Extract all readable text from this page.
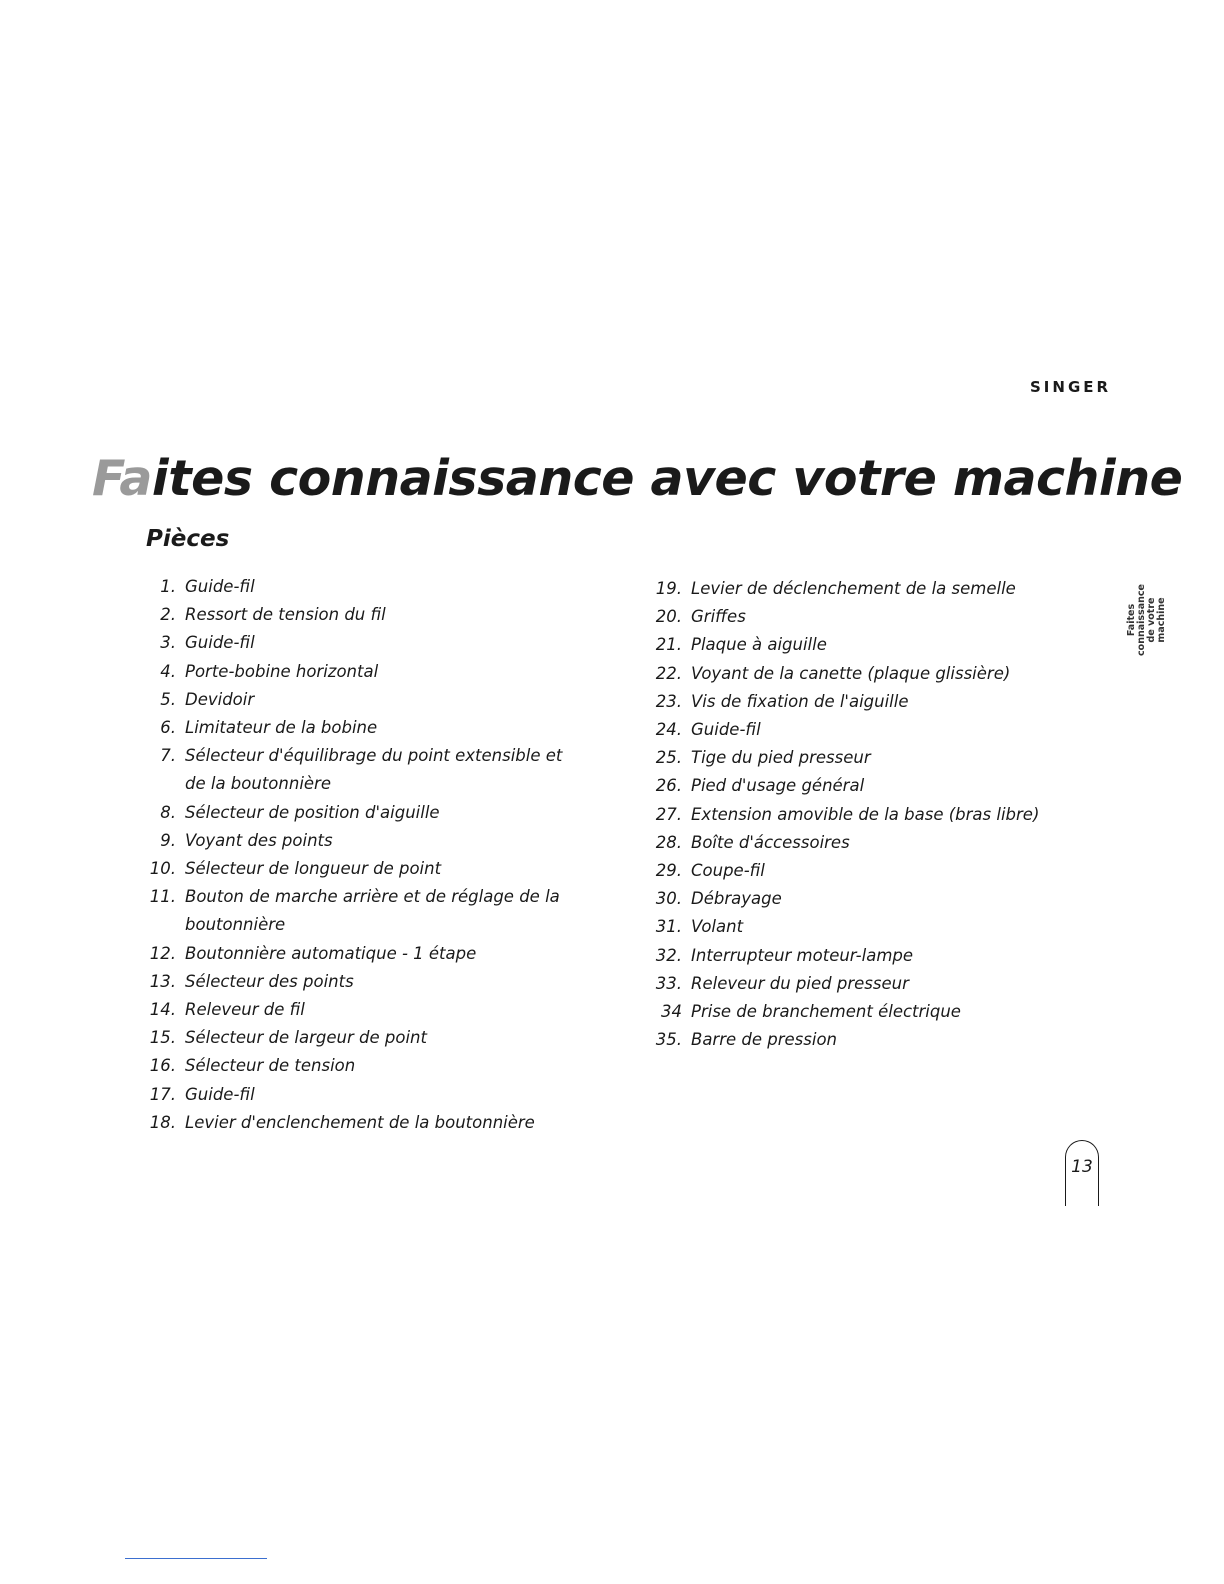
SINGER
Faites connaissance avec votre machine
Pièces
1. Guide-fil
2. Ressort de tension du fil
3. Guide-fil
4. Porte-bobine horizontal
5. Devidoir
6. Limitateur de la bobine
7. Sélecteur d'équilibrage du point extensible et
de la boutonnière
8. Sélecteur de position d'aiguille
9. Voyant des points
10. Sélecteur de longueur de point
11. Bouton de marche arrière et de réglage de la
boutonnière
12. Boutonnière automatique - 1 étape
13. Sélecteur des points
14. Releveur de fil
15. Sélecteur de largeur de point
16. Sélecteur de tension
17. Guide-fil
18. Levier d'enclenchement de la boutonnière
19. Levier de déclenchement de la semelle
20. Griffes
21. Plaque à aiguille
22. Voyant de la canette (plaque glissière)
23. Vis de fixation de l'aiguille
24. Guide-fil
25. Tige du pied presseur
26. Pied d'usage général
27. Extension amovible de la base (bras libre)
28. Boîte d'áccessoires
29. Coupe-fil
30. Débrayage
31. Volant
32. Interrupteur moteur-lampe
33. Releveur du pied presseur
34 Prise de branchement électrique
35. Barre de pression
Faites connaissance de votre machine
13
